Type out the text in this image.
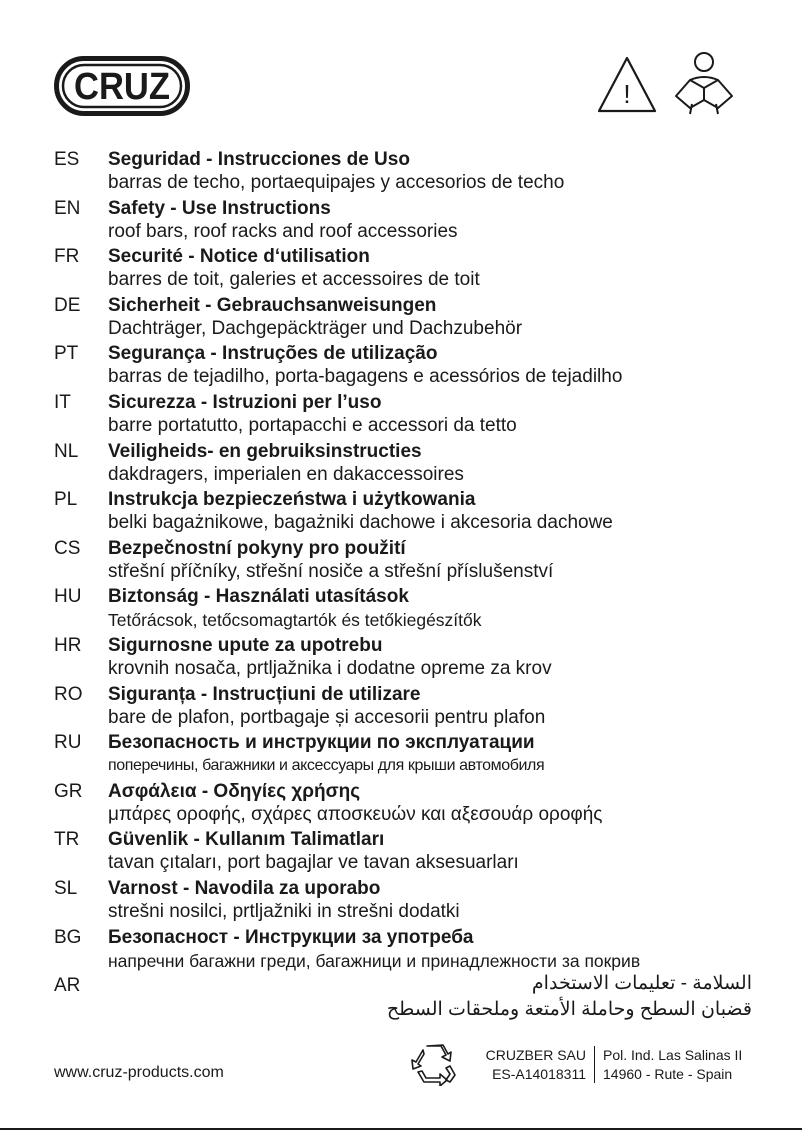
CRUZ	!
ES Seguridad - Instrucciones de Uso
barras de techo, portaequipajes y accesorios de techo
EN Safety - Use Instructions
roof bars, roof racks and roof accessories
FR Securité - Notice d‘utilisation
barres de toit, galeries et accessoires de toit
DE Sicherheit - Gebrauchsanweisungen
Dachträger, Dachgepäckträger und Dachzubehör
PT Segurança - Instruções de utilização
barras de tejadilho, porta-bagagens e acessórios de tejadilho
IT Sicurezza - Istruzioni per l’uso
barre portatutto, portapacchi e accessori da tetto
NL Veiligheids- en gebruiksinstructies
dakdragers, imperialen en dakaccessoires
PL Instrukcja bezpieczeństwa i użytkowania
belki bagażnikowe, bagażniki dachowe i akcesoria dachowe
CS Bezpečnostní pokyny pro použití
střešní příčníky, střešní nosiče a střešní příslušenství
HU Biztonság - Használati utasítások
Tetőrácsok, tetőcsomagtartók és tetőkiegészítők
HR Sigurnosne upute za upotrebu
krovnih nosača, prtljažnika i dodatne opreme za krov
RO Siguranța - Instrucțiuni de utilizare
bare de plafon, portbagaje și accesorii pentru plafon
RU Безопасность и инструкции по эксплуатации
поперечины, багажники и аксессуары для крыши автомобиля
GR Ασφάλεια - Οδηγίες χρήσης
μπάρες οροφής, σχάρες αποσκευών και αξεσουάρ οροφής
TR Güvenlik - Kullanım Talimatları
tavan çıtaları, port bagajlar ve tavan aksesuarları
SL Varnost - Navodila za uporabo
strešni nosilci, prtljažniki in strešni dodatki
BG Безопасност - Инструкции за употреба
напречни багажни греди, багажници и принадлежности за покрив
AR	السلامة - تعليمات الاستخدام
قضبان السطح وحاملة الأمتعة وملحقات السطح
www.cruz-products.com
CRUZBER SAU
ES-A14018311
Pol. Ind. Las Salinas II
14960 - Rute - Spain
